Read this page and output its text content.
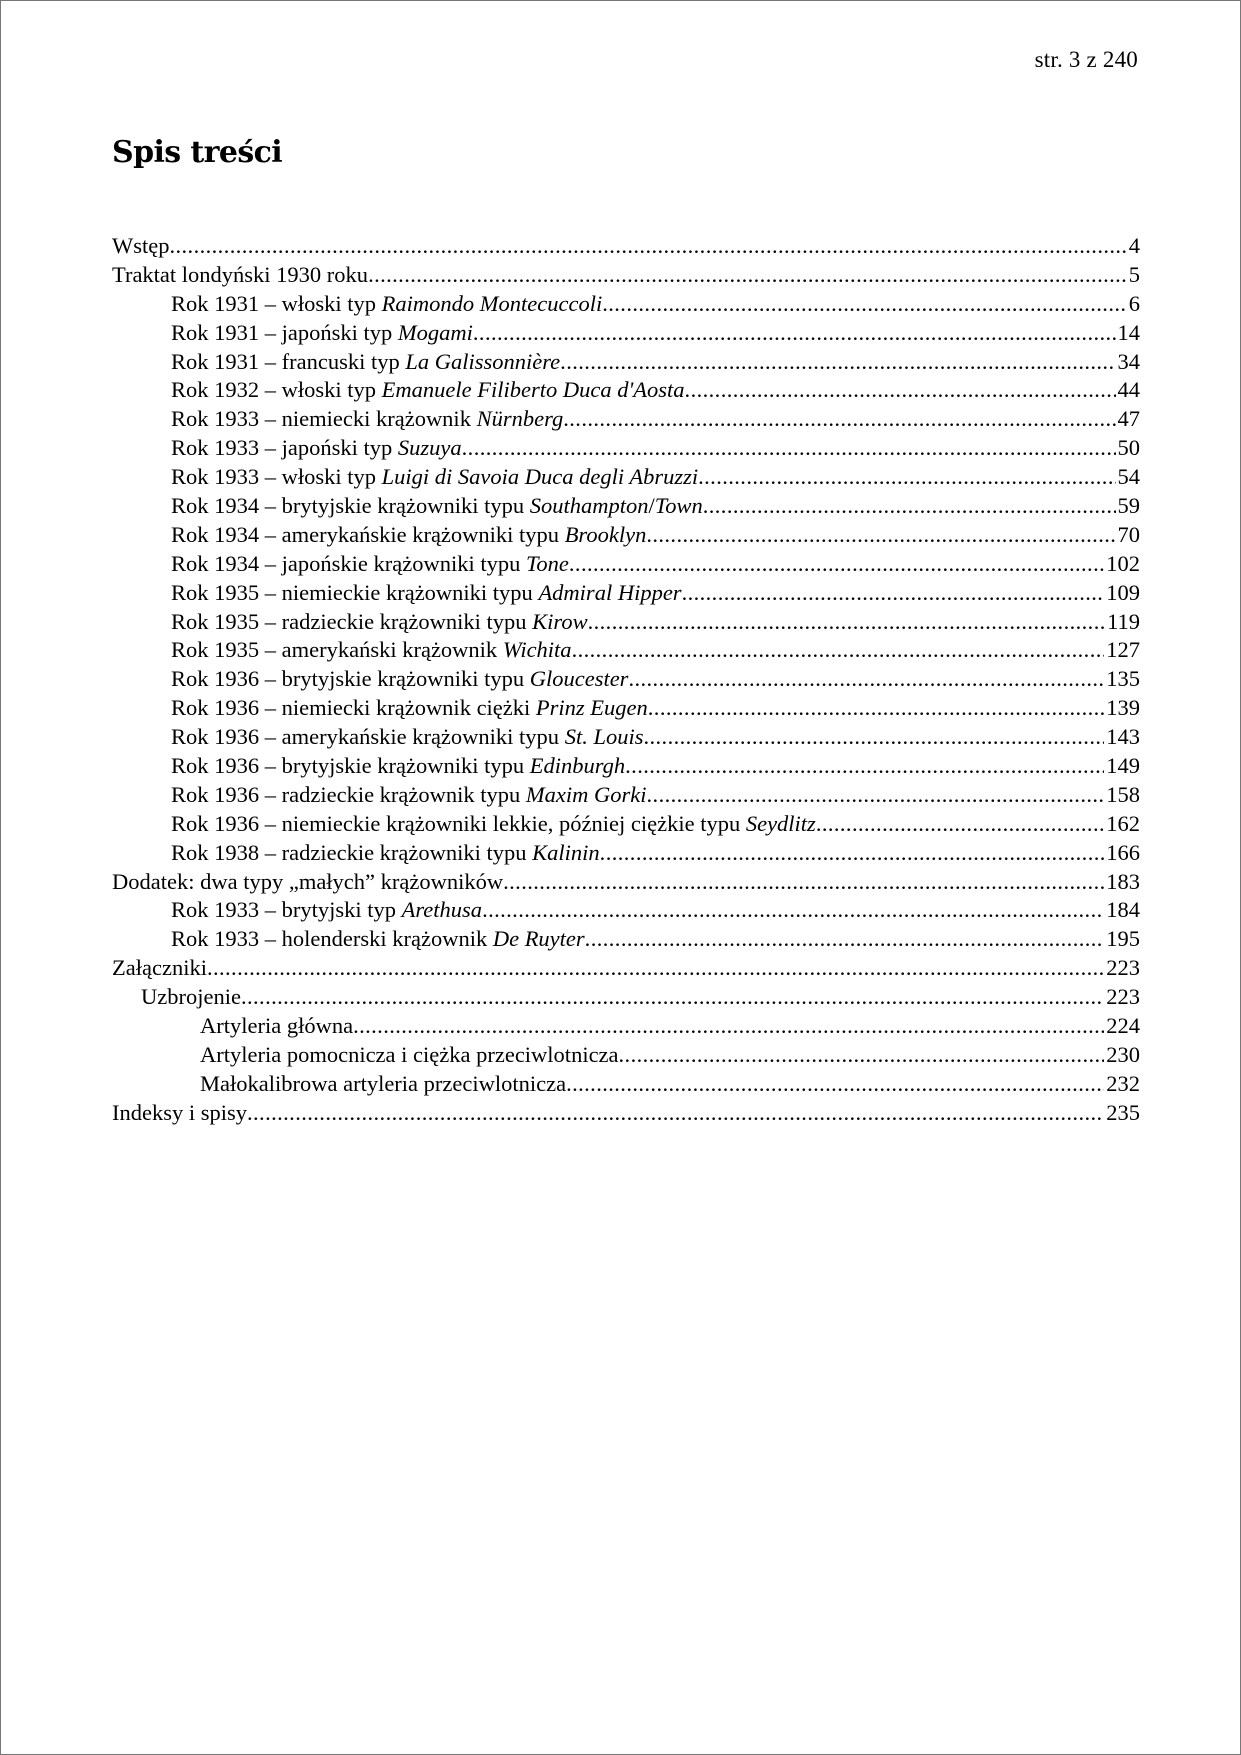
str. 3 z 240
Spis treści
Wstęp .....	4
Traktat londyński 1930 roku .....	5
Rok 1931 – włoski typ Raimondo Montecuccoli .....	6
Rok 1931 – japoński typ Mogami .....	14
Rok 1931 – francuski typ La Galissonnière .....	34
Rok 1932 – włoski typ Emanuele Filiberto Duca d'Aosta .....	44
Rok 1933 – niemiecki krążownik Nürnberg .....	47
Rok 1933 – japoński typ Suzuya .....	50
Rok 1933 – włoski typ Luigi di Savoia Duca degli Abruzzi .....	54
Rok 1934 – brytyjskie krążowniki typu Southampton/Town .....	59
Rok 1934 – amerykańskie krążowniki typu Brooklyn .....	70
Rok 1934 – japońskie krążowniki typu Tone .....	102
Rok 1935 – niemieckie krążowniki typu Admiral Hipper .....	109
Rok 1935 – radzieckie krążowniki typu Kirow .....	119
Rok 1935 – amerykański krążownik Wichita .....	127
Rok 1936 – brytyjskie krążowniki typu Gloucester .....	135
Rok 1936 – niemiecki krążownik ciężki Prinz Eugen .....	139
Rok 1936 – amerykańskie krążowniki typu St. Louis .....	143
Rok 1936 – brytyjskie krążowniki typu Edinburgh .....	149
Rok 1936 – radzieckie krążownik typu Maxim Gorki .....	158
Rok 1936 – niemieckie krążowniki lekkie, później ciężkie typu Seydlitz .....	162
Rok 1938 – radzieckie krążowniki typu Kalinin .....	166
Dodatek: dwa typy „małych” krążowników .....	183
Rok 1933 – brytyjski typ Arethusa .....	184
Rok 1933 – holenderski krążownik De Ruyter .....	195
Załączniki .....	223
Uzbrojenie .....	223
Artyleria główna .....	224
Artyleria pomocnicza i ciężka przeciwlotnicza .....	230
Małokalibrowa artyleria przeciwlotnicza .....	232
Indeksy i spisy .....	235
